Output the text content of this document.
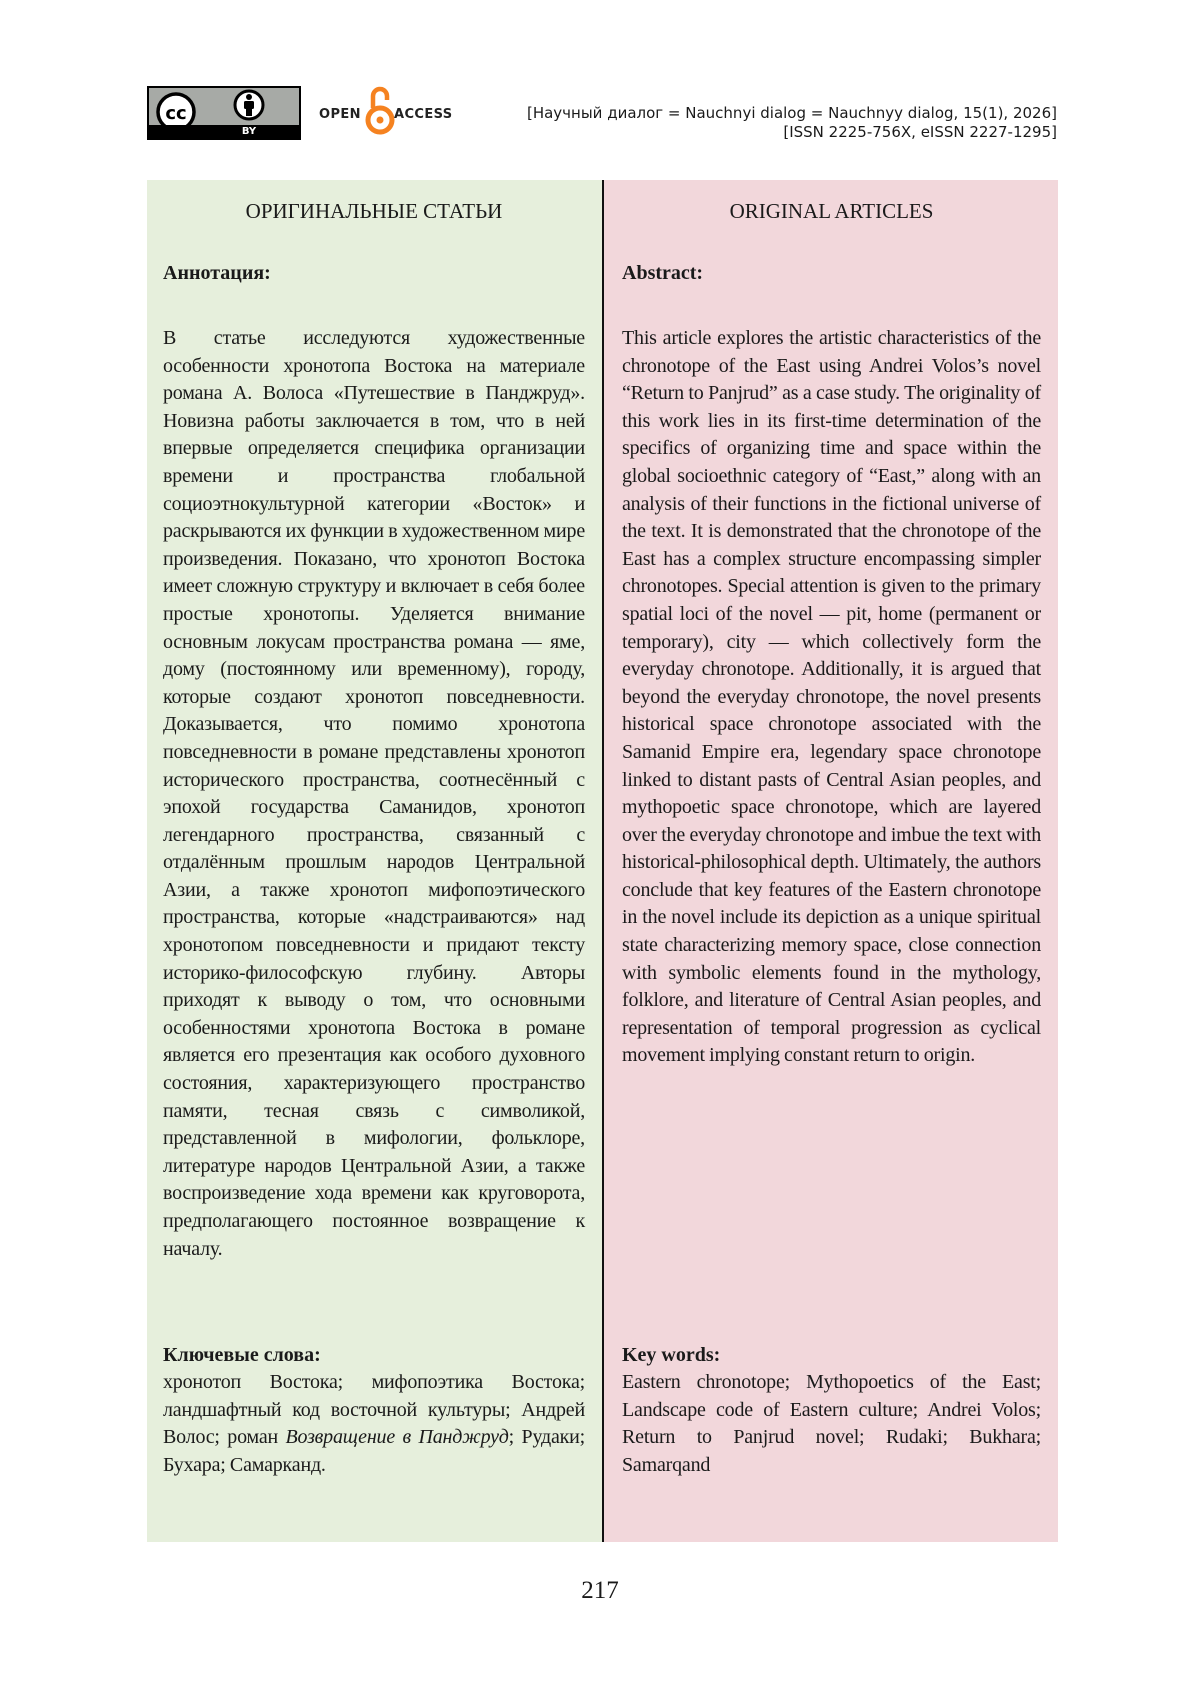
cc
BY
OPEN	ACCESS	[Научный диалог = Nauchnyi dialog = Nauchnyy dialog, 15(1), 2026]
[ISSN 2225-756X, eISSN 2227-1295]

ОРИГИНАЛЬНЫЕ СТАТЬИ

Аннотация:

В статье исследуются художественные особенности хронотопа Востока на материале романа А. Волоса «Путешествие в Панджруд». Новизна работы заключается в том, что в ней впервые определяется специфика организации времени и пространства глобальной социоэтнокультурной категории «Восток» и раскрываются их функции в художественном мире произведения. Показано, что хронотоп Востока имеет сложную структуру и включает в себя более простые хронотопы. Уделяется внимание основным локусам пространства романа — яме, дому (постоянному или временному), городу, которые создают хронотоп повседневности. Доказывается, что помимо хронотопа повседневности в романе представлены хронотоп исторического пространства, соотнесённый с эпохой государства Саманидов, хронотоп легендарного пространства, связанный с отдалённым прошлым народов Центральной Азии, а также хронотоп мифопоэтического пространства, которые «надстраиваются» над хронотопом повседневности и придают тексту историко-философскую глубину. Авторы приходят к выводу о том, что основными особенностями хронотопа Востока в романе является его презентация как особого духовного состояния, характеризующего пространство памяти, тесная связь с символикой, представленной в мифологии, фольклоре, литературе народов Центральной Азии, а также воспроизведение хода времени как круговорота, предполагающего постоянное возвращение к началу.

Ключевые слова:

хронотоп Востока; мифопоэтика Востока; ландшафтный код восточной культуры; Андрей Волос; роман Возвращение в Панджруд; Рудаки; Бухара; Самарканд.

ORIGINAL ARTICLES

Abstract:

This article explores the artistic characteristics of the chronotope of the East using Andrei Volos’s novel “Return to Panjrud” as a case study. The originality of this work lies in its first-time determination of the specifics of organizing time and space within the global socioethnic category of “East,” along with an analysis of their functions in the fictional universe of the text. It is demonstrated that the chronotope of the East has a complex structure encompassing simpler chronotopes. Special attention is given to the primary spatial loci of the novel — pit, home (permanent or temporary), city — which collectively form the everyday chronotope. Additionally, it is argued that beyond the everyday chronotope, the novel presents historical space chronotope associated with the Samanid Empire era, legendary space chronotope linked to distant pasts of Central Asian peoples, and mythopoetic space chronotope, which are layered over the everyday chronotope and imbue the text with historical-philosophical depth. Ultimately, the authors conclude that key features of the Eastern chronotope in the novel include its depiction as a unique spiritual state characterizing memory space, close connection with symbolic elements found in the mythology, folklore, and literature of Central Asian peoples, and representation of temporal progression as cyclical movement implying constant return to origin.

Key words:

Eastern chronotope; Mythopoetics of the East; Landscape code of Eastern culture; Andrei Volos; Return to Panjrud novel; Rudaki; Bukhara; Samarqand

217
